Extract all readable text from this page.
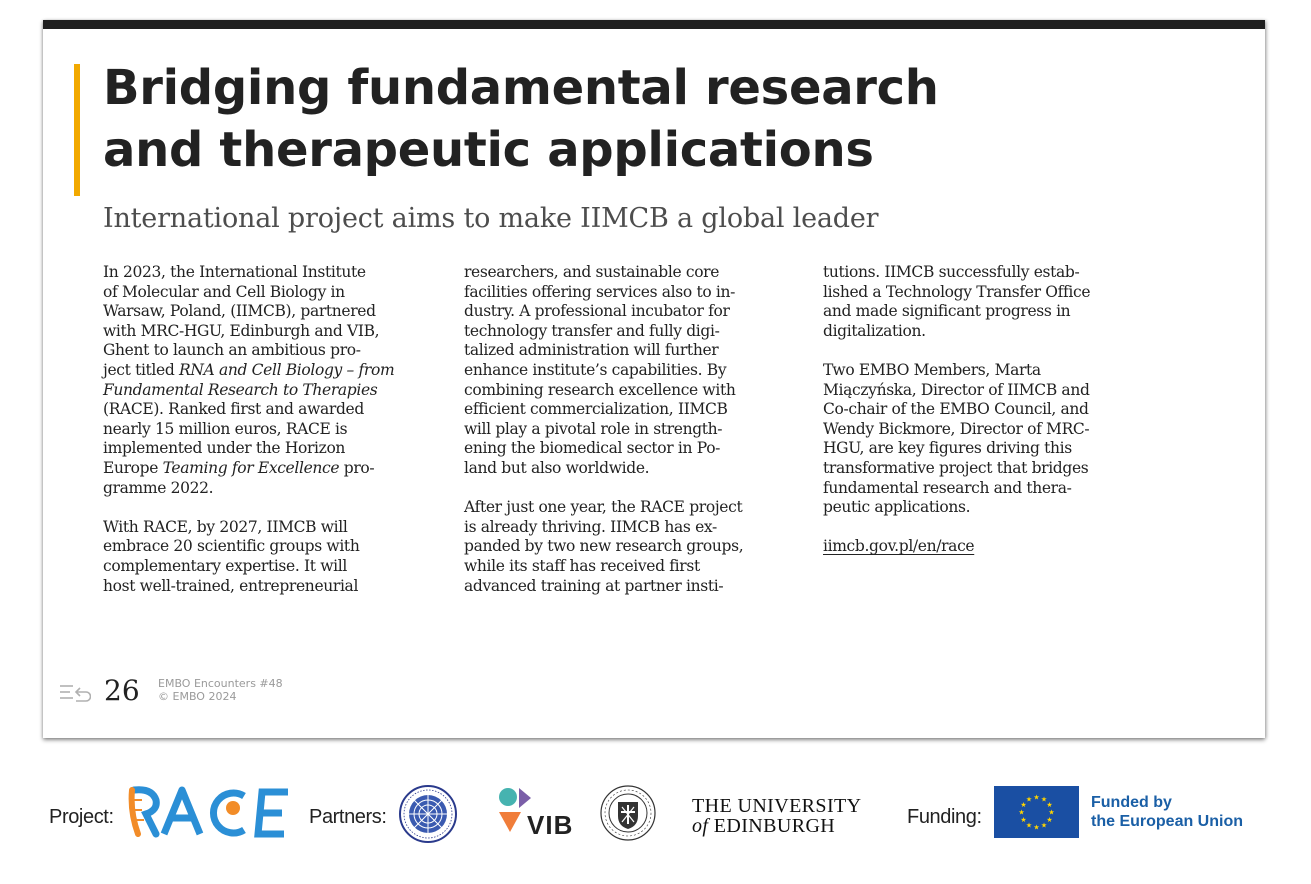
Bridging fundamental research
and therapeutic applications
International project aims to make IIMCB a global leader

In 2023, the International Institute
of Molecular and Cell Biology in
Warsaw, Poland, (IIMCB), partnered
with MRC-HGU, Edinburgh and VIB,
Ghent to launch an ambitious pro-
ject titled RNA and Cell Biology – from
Fundamental Research to Therapies
(RACE). Ranked first and awarded
nearly 15 million euros, RACE is
implemented under the Horizon
Europe Teaming for Excellence pro-
gramme 2022.

With RACE, by 2027, IIMCB will
embrace 20 scientific groups with
complementary expertise. It will
host well-trained, entrepreneurial

researchers, and sustainable core
facilities offering services also to in-
dustry. A professional incubator for
technology transfer and fully digi-
talized administration will further
enhance institute’s capabilities. By
combining research excellence with
efficient commercialization, IIMCB
will play a pivotal role in strength-
ening the biomedical sector in Po-
land but also worldwide.

After just one year, the RACE project
is already thriving. IIMCB has ex-
panded by two new research groups,
while its staff has received first
advanced training at partner insti-

tutions. IIMCB successfully estab-
lished a Technology Transfer Office
and made significant progress in
digitalization.

Two EMBO Members, Marta
Miączyńska, Director of IIMCB and
Co-chair of the EMBO Council, and
Wendy Bickmore, Director of MRC-
HGU, are key figures driving this
transformative project that bridges
fundamental research and thera-
peutic applications.

iimcb.gov.pl/en/race

26 EMBO Encounters #48
© EMBO 2024
Project:	Partners:	VIB
THE UNIVERSITY
of EDINBURGH	Funding:	★
★
★
★
★
★
★
★
★ ★ ★
★ Funded by
the European Union
